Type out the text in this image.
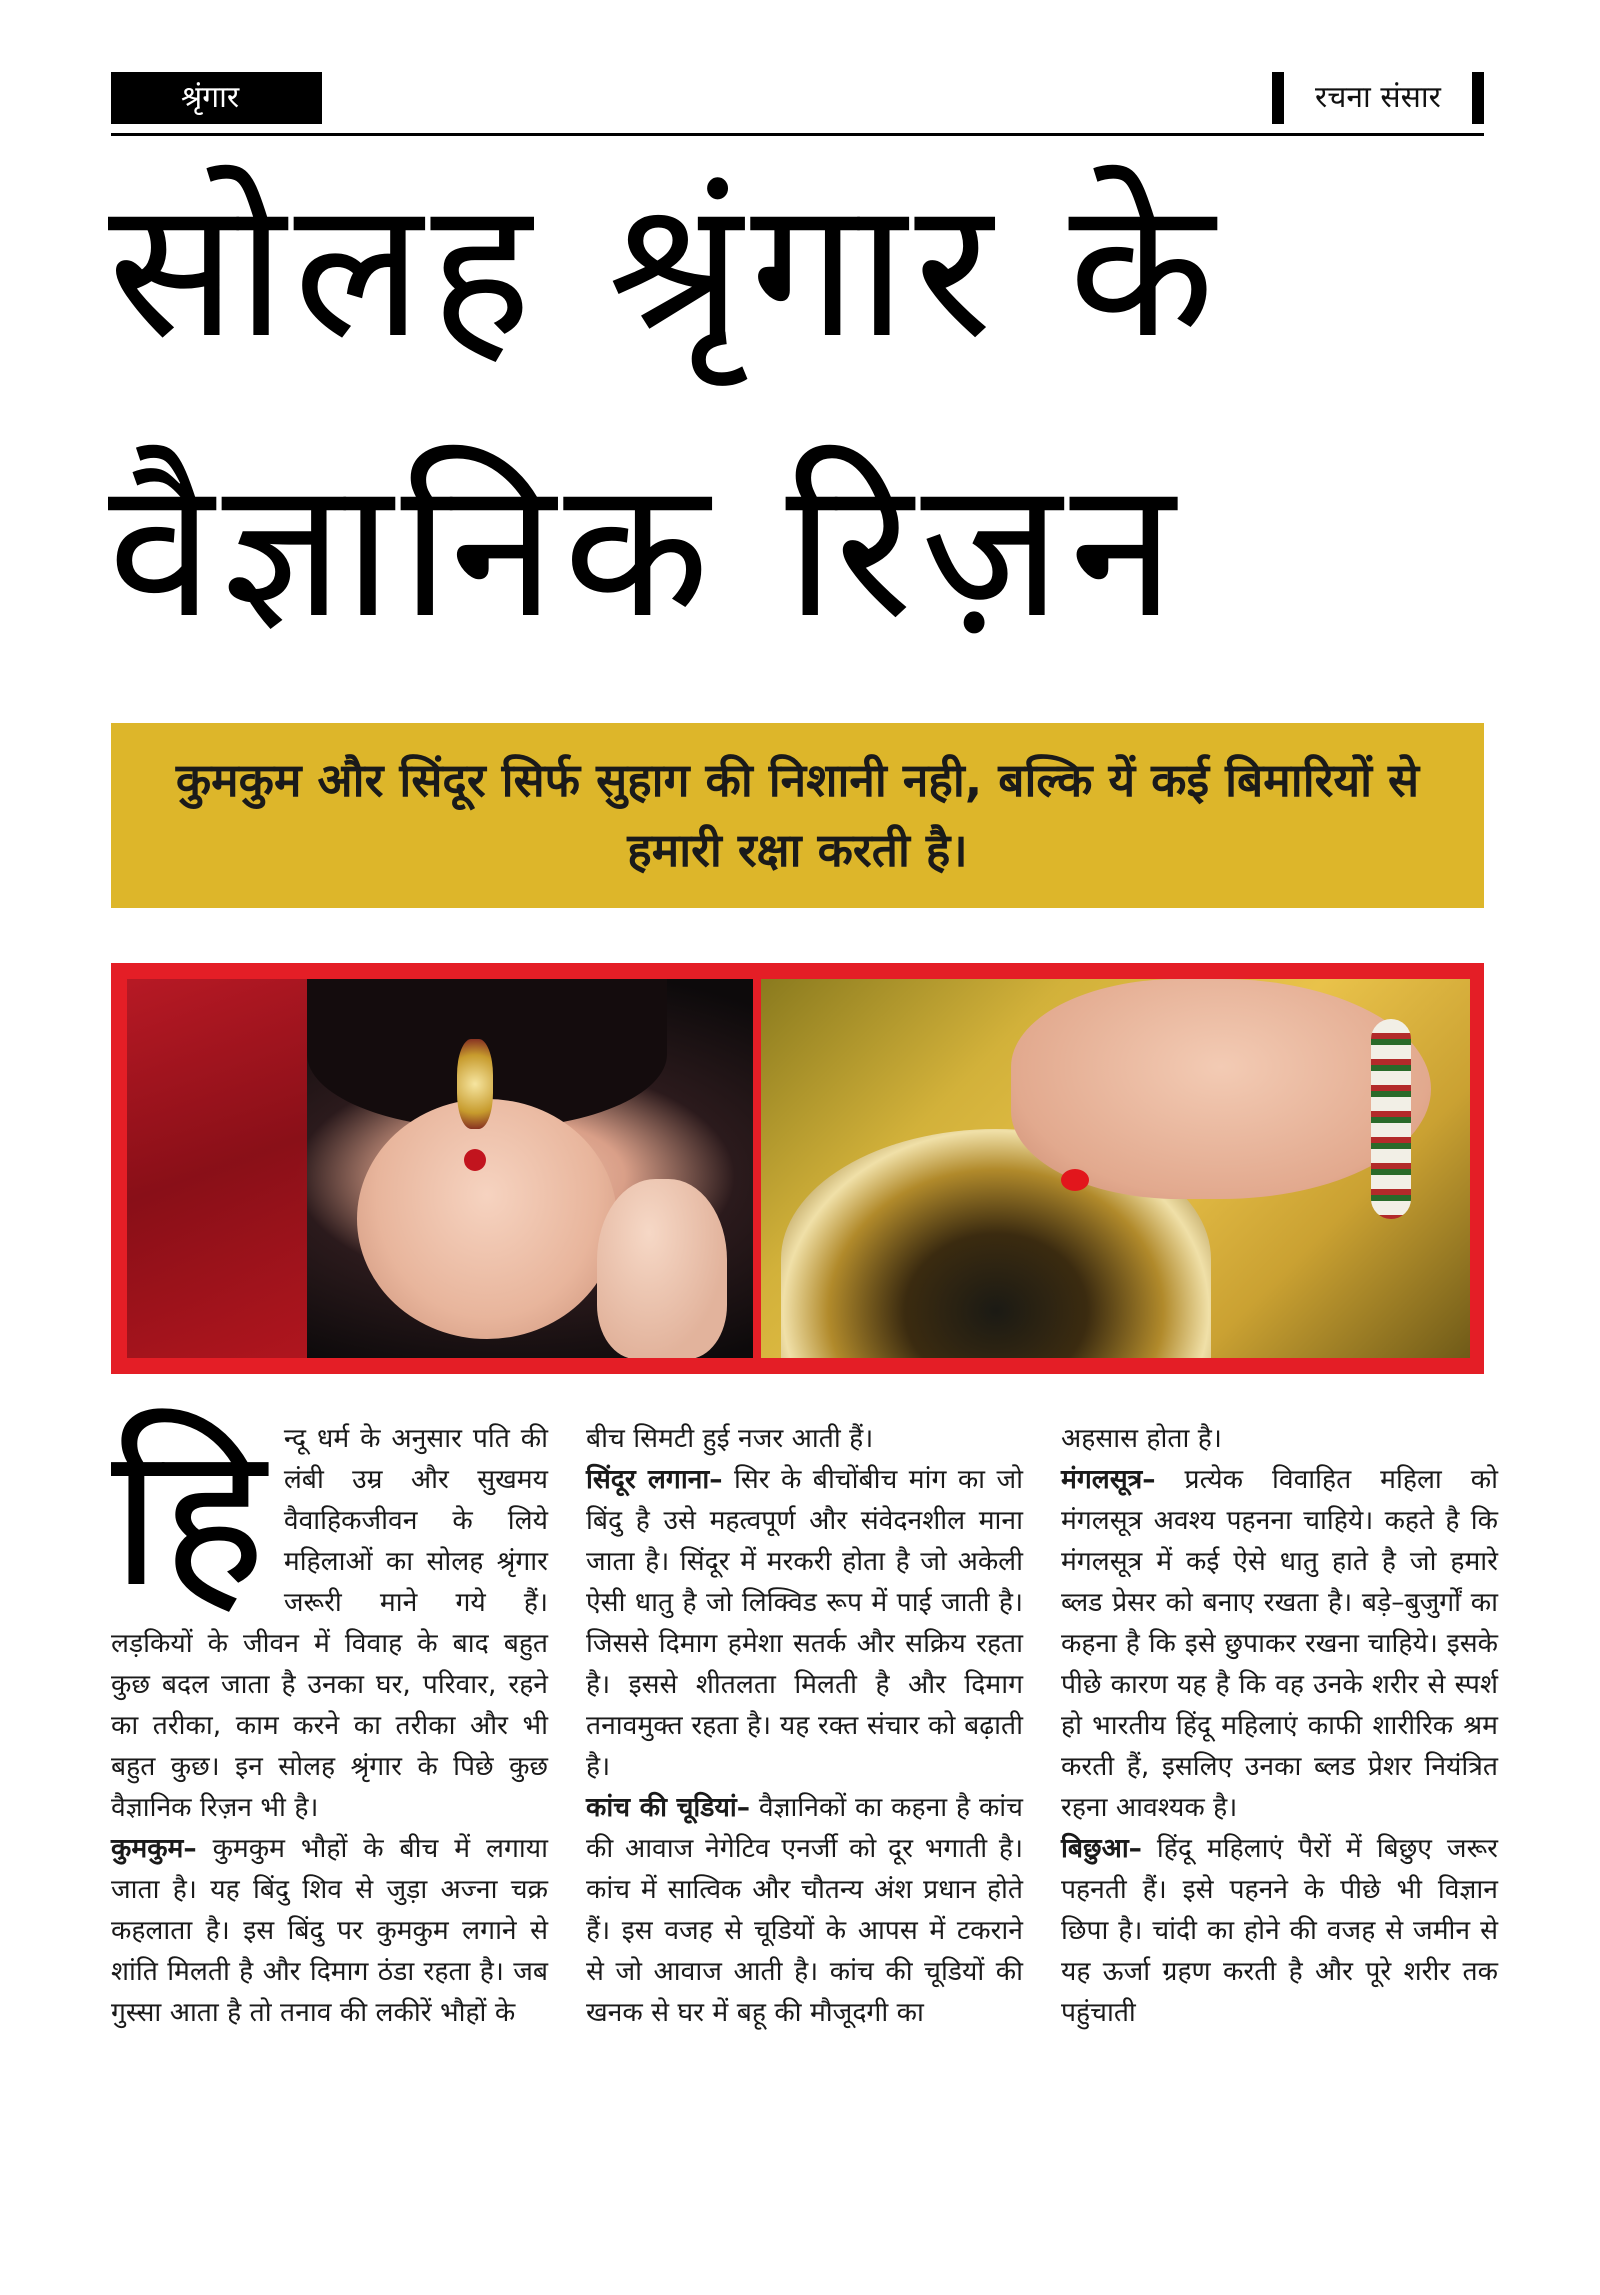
श्रृंगार	रचना संसार
सोलह श्रृंगार के
वैज्ञानिक रिज़न
कुमकुम और सिंदूर सिर्फ सुहाग की निशानी नही, बल्कि यें कई बिमारियों से हमारी रक्षा करती है।

हिन्दू धर्म के अनुसार पति की लंबी उम्र और सुखमय वैवाहिकजीवन के लिये महिलाओं का सोलह श्रृंगार जरूरी माने गये हैं। लड़कियों के जीवन में विवाह के बाद बहुत कुछ बदल जाता है उनका घर, परिवार, रहने का तरीका, काम करने का तरीका और भी बहुत कुछ। इन सोलह श्रृंगार के पिछे कुछ वैज्ञानिक रिज़न भी है।

कुमकुम– कुमकुम भौहों के बीच में लगाया जाता है। यह बिंदु शिव से जुड़ा अज्ना चक्र कहलाता है। इस बिंदु पर कुमकुम लगाने से शांति मिलती है और दिमाग ठंडा रहता है। जब गुस्सा आता है तो तनाव की लकीरें भौहों के

बीच सिमटी हुई नजर आती हैं।

सिंदूर लगाना– सिर के बीचोंबीच मांग का जो बिंदु है उसे महत्वपूर्ण और संवेदनशील माना जाता है। सिंदूर में मरकरी होता है जो अकेली ऐसी धातु है जो लिक्विड रूप में पाई जाती है। जिससे दिमाग हमेशा सतर्क और सक्रिय रहता है। इससे शीतलता मिलती है और दिमाग तनावमुक्त रहता है। यह रक्त संचार को बढ़ाती है।

कांच की चूडियां– वैज्ञानिकों का कहना है कांच की आवाज नेगेटिव एनर्जी को दूर भगाती है। कांच में सात्विक और चौतन्य अंश प्रधान होते हैं। इस वजह से चूडियों के आपस में टकराने से जो आवाज आती है। कांच की चूडियों की खनक से घर में बहू की मौजूदगी का

अहसास होता है।

मंगलसूत्र– प्रत्येक विवाहित महिला को मंगलसूत्र अवश्य पहनना चाहिये। कहते है कि मंगलसूत्र में कई ऐसे धातु हाते है जो हमारे ब्लड प्रेसर को बनाए रखता है। बड़े–बुजुर्गों का कहना है कि इसे छुपाकर रखना चाहिये। इसके पीछे कारण यह है कि वह उनके शरीर से स्पर्श हो भारतीय हिंदू महिलाएं काफी शारीरिक श्रम करती हैं, इसलिए उनका ब्लड प्रेशर नियंत्रित रहना आवश्यक है।

बिछुआ– हिंदू महिलाएं पैरों में बिछुए जरूर पहनती हैं। इसे पहनने के पीछे भी विज्ञान छिपा है। चांदी का होने की वजह से जमीन से यह ऊर्जा ग्रहण करती है और पूरे शरीर तक पहुंचाती
